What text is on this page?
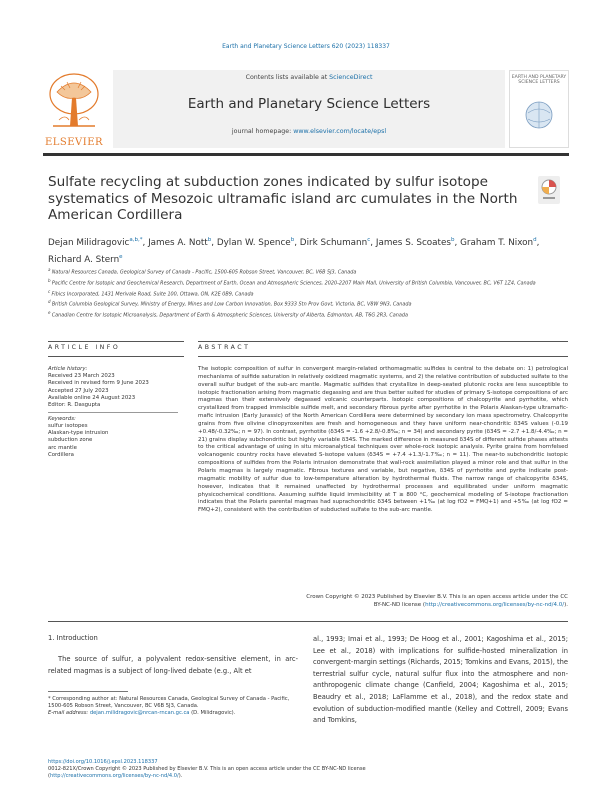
Earth and Planetary Science Letters 620 (2023) 118337
ELSEVIER
Contents lists available at ScienceDirect
Earth and Planetary Science Letters
journal homepage: www.elsevier.com/locate/epsl
EARTH AND PLANETARY SCIENCE LETTERS
Sulfate recycling at subduction zones indicated by sulfur isotope systematics of Mesozoic ultramafic island arc cumulates in the North American Cordillera
Dejan Milidragovic$^{a,b,*}$, James A. Nott$^b$, Dylan W. Spence$^b$, Dirk Schumann$^c$, James S. Scoates$^b$, Graham T. Nixon$^d$, Richard A. Stern$^e$
$^a$ Natural Resources Canada, Geological Survey of Canada - Pacific, 1500-605 Robson Street, Vancouver, BC, V6B 5J3, Canada
$^b$ Pacific Centre for Isotopic and Geochemical Research, Department of Earth, Ocean and Atmospheric Sciences, 2020-2207 Main Mall, University of British Columbia, Vancouver, BC, V6T 1Z4, Canada
$^c$ Fibics Incorporated, 1431 Merivale Road, Suite 100, Ottawa, ON, K2E 0B9, Canada
$^d$ British Columbia Geological Survey, Ministry of Energy, Mines and Low Carbon Innovation, Box 9333 Stn Prov Govt, Victoria, BC, V8W 9N3, Canada
$^e$ Canadian Centre for Isotopic Microanalysis, Department of Earth & Atmospheric Sciences, University of Alberta, Edmonton, AB, T6G 2R3, Canada
ARTICLE INFO	ABSTRACT
Article history:
Received 23 March 2023
Received in revised form 9 June 2023
Accepted 27 July 2023
Available online 24 August 2023
Editor: R. Dasgupta
Keywords:
sulfur isotopes
Alaskan-type intrusion
subduction zone
arc mantle
Cordillera
The isotopic composition of sulfur in convergent margin-related orthomagmatic sulfides is central to the debate on: 1) petrological mechanisms of sulfide saturation in relatively oxidized magmatic systems, and 2) the relative contribution of subducted sulfate to the overall sulfur budget of the sub-arc mantle. Magmatic sulfides that crystallize in deep-seated plutonic rocks are less susceptible to isotopic fractionation arising from magmatic degassing and are thus better suited for studies of primary S-isotope compositions of arc magmas than their extensively degassed volcanic counterparts. Isotopic compositions of chalcopyrite and pyrrhotite, which crystallized from trapped immiscible sulfide melt, and secondary fibrous pyrite after pyrrhotite in the Polaris Alaskan-type ultramafic-mafic intrusion (Early Jurassic) of the North American Cordillera were determined by secondary ion mass spectrometry. Chalcopyrite grains from five olivine clinopyroxenites are fresh and homogeneous and they have uniform near-chondritic δ34S values (-0.19 +0.48/-0.32‰; n = 97). In contrast, pyrrhotite (δ34S = -1.6 +2.8/-0.8‰; n = 34) and secondary pyrite (δ34S = -2.7 +1.8/-4.4‰; n = 21) grains display subchondritic but highly variable δ34S. The marked difference in measured δ34S of different sulfide phases attests to the critical advantage of using in situ microanalytical techniques over whole-rock isotopic analysis. Pyrite grains from hornfelsed volcanogenic country rocks have elevated S-isotope values (δ34S = +7.4 +1.3/-1.7‰; n = 11). The near-to subchondritic isotopic compositions of sulfides from the Polaris intrusion demonstrate that wall-rock assimilation played a minor role and that sulfur in the Polaris magmas is largely magmatic. Fibrous textures and variable, but negative, δ34S of pyrrhotite and pyrite indicate post-magmatic mobility of sulfur due to low-temperature alteration by hydrothermal fluids. The narrow range of chalcopyrite δ34S, however, indicates that it remained unaffected by hydrothermal processes and equilibrated under uniform magmatic physicochemical conditions. Assuming sulfide liquid immiscibility at T ≥ 800 °C, geochemical modeling of S-isotope fractionation indicates that the Polaris parental magmas had suprachondritic δ34S between +1‰ (at log fO2 = FMQ+1) and +5‰ (at log fO2 = FMQ+2), consistent with the contribution of subducted sulfate to the sub-arc mantle.
Crown Copyright © 2023 Published by Elsevier B.V. This is an open access article under the CC
BY-NC-ND license (http://creativecommons.org/licenses/by-nc-nd/4.0/).
1. Introduction
The source of sulfur, a polyvalent redox-sensitive element, in arc-related magmas is a subject of long-lived debate (e.g., Alt et
al., 1993; Imai et al., 1993; De Hoog et al., 2001; Kagoshima et al., 2015; Lee et al., 2018) with implications for sulfide-hosted mineralization in convergent-margin settings (Richards, 2015; Tomkins and Evans, 2015), the terrestrial sulfur cycle, natural sulfur flux into the atmosphere and non-anthropogenic climate change (Canfield, 2004; Kagoshima et al., 2015; Beaudry et al., 2018; LaFlamme et al., 2018), and the redox state and evolution of subduction-modified mantle (Kelley and Cottrell, 2009; Evans and Tomkins,
* Corresponding author at: Natural Resources Canada, Geological Survey of Canada - Pacific, 1500-605 Robson Street, Vancouver, BC V6B 5J3, Canada.
E-mail address: dejan.milidragovic@nrcan-rncan.gc.ca (D. Milidragovic).
https://doi.org/10.1016/j.epsl.2023.118337
0012-821X/Crown Copyright © 2023 Published by Elsevier B.V. This is an open access article under the CC BY-NC-ND license (http://creativecommons.org/licenses/by-nc-nd/4.0/).
